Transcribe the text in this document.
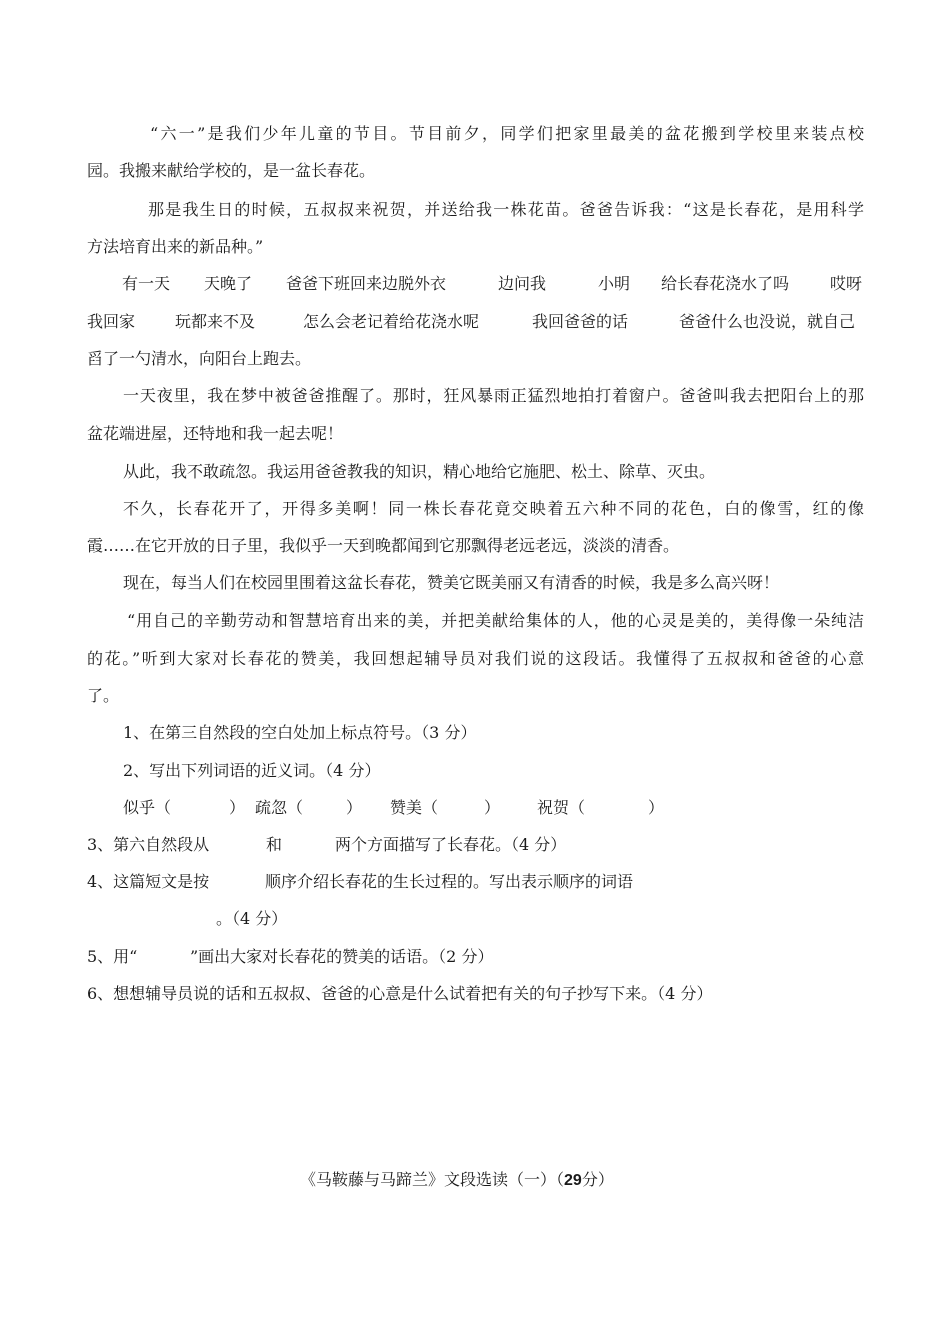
“六一”是我们少年儿童的节目。节目前夕，同学们把家里最美的盆花搬到学校里来装点校
园。我搬来献给学校的，是一盆长春花。
那是我生日的时候，五叔叔来祝贺，并送给我一株花苗。爸爸告诉我：“这是长春花，是用科学
方法培育出来的新品种。”
有一天 天晚了 爸爸下班回来边脱外衣	边问我	小明 给长春花浇水了吗	哎呀
我回家 玩都来不及	怎么会老记着给花浇水呢	我回爸爸的话	爸爸什么也没说，就自己
舀了一勺清水，向阳台上跑去。
一天夜里，我在梦中被爸爸推醒了。那时，狂风暴雨正猛烈地拍打着窗户。爸爸叫我去把阳台上的那
盆花端进屋，还特地和我一起去呢！
从此，我不敢疏忽。我运用爸爸教我的知识，精心地给它施肥、松土、除草、灭虫。
不久，长春花开了，开得多美啊！同一株长春花竟交映着五六种不同的花色，白的像雪，红的像
霞……在它开放的日子里，我似乎一天到晚都闻到它那飘得老远老远，淡淡的清香。
现在，每当人们在校园里围着这盆长春花，赞美它既美丽又有清香的时候，我是多么高兴呀！
“用自己的辛勤劳动和智慧培育出来的美，并把美献给集体的人，他的心灵是美的，美得像一朵纯洁
的花。”听到大家对长春花的赞美，我回想起辅导员对我们说的这段话。我懂得了五叔叔和爸爸的心意
了。
1、在第三自然段的空白处加上标点符号。（3 分）
2、写出下列词语的近义词。（4 分）
似乎（	） 疏忽（	） 赞美（	） 祝贺（	）
3、第六自然段从	和	两个方面描写了长春花。（4 分）
4、这篇短文是按	顺序介绍长春花的生长过程的。写出表示顺序的词语
。（4 分）
5、用“	”画出大家对长春花的赞美的话语。（2 分）
6、想想辅导员说的话和五叔叔、爸爸的心意是什么试着把有关的句子抄写下来。（4 分）
《马鞍藤与马蹄兰》文段选读（一）（29分）
